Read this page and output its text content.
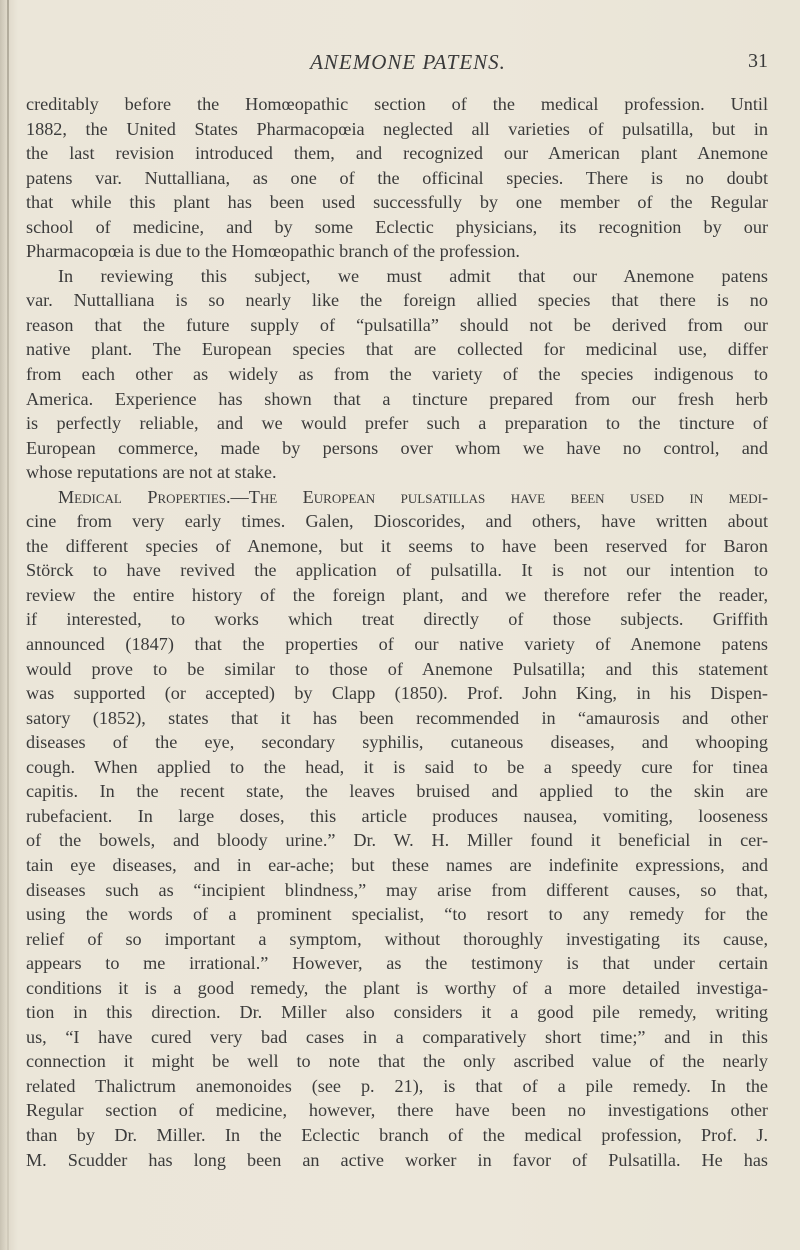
ANEMONE PATENS.	31
creditably before the Homœopathic section of the medical profession. Until
1882, the United States Pharmacopœia neglected all varieties of pulsatilla, but in
the last revision introduced them, and recognized our American plant Anemone
patens var. Nuttalliana, as one of the officinal species. There is no doubt
that while this plant has been used successfully by one member of the Regular
school of medicine, and by some Eclectic physicians, its recognition by our
Pharmacopœia is due to the Homœopathic branch of the profession.
In reviewing this subject, we must admit that our Anemone patens
var. Nuttalliana is so nearly like the foreign allied species that there is no
reason that the future supply of “pulsatilla” should not be derived from our
native plant. The European species that are collected for medicinal use, differ
from each other as widely as from the variety of the species indigenous to
America. Experience has shown that a tincture prepared from our fresh herb
is perfectly reliable, and we would prefer such a preparation to the tincture of
European commerce, made by persons over whom we have no control, and
whose reputations are not at stake.
Medical Properties.—The European pulsatillas have been used in medi-
cine from very early times. Galen, Dioscorides, and others, have written about
the different species of Anemone, but it seems to have been reserved for Baron
Störck to have revived the application of pulsatilla. It is not our intention to
review the entire history of the foreign plant, and we therefore refer the reader,
if interested, to works which treat directly of those subjects. Griffith
announced (1847) that the properties of our native variety of Anemone patens
would prove to be similar to those of Anemone Pulsatilla; and this statement
was supported (or accepted) by Clapp (1850). Prof. John King, in his Dispen-
satory (1852), states that it has been recommended in “amaurosis and other
diseases of the eye, secondary syphilis, cutaneous diseases, and whooping
cough. When applied to the head, it is said to be a speedy cure for tinea
capitis. In the recent state, the leaves bruised and applied to the skin are
rubefacient. In large doses, this article produces nausea, vomiting, looseness
of the bowels, and bloody urine.” Dr. W. H. Miller found it beneficial in cer-
tain eye diseases, and in ear-ache; but these names are indefinite expressions, and
diseases such as “incipient blindness,” may arise from different causes, so that,
using the words of a prominent specialist, “to resort to any remedy for the
relief of so important a symptom, without thoroughly investigating its cause,
appears to me irrational.” However, as the testimony is that under certain
conditions it is a good remedy, the plant is worthy of a more detailed investiga-
tion in this direction. Dr. Miller also considers it a good pile remedy, writing
us, “I have cured very bad cases in a comparatively short time;” and in this
connection it might be well to note that the only ascribed value of the nearly
related Thalictrum anemonoides (see p. 21), is that of a pile remedy. In the
Regular section of medicine, however, there have been no investigations other
than by Dr. Miller. In the Eclectic branch of the medical profession, Prof. J.
M. Scudder has long been an active worker in favor of Pulsatilla. He has
